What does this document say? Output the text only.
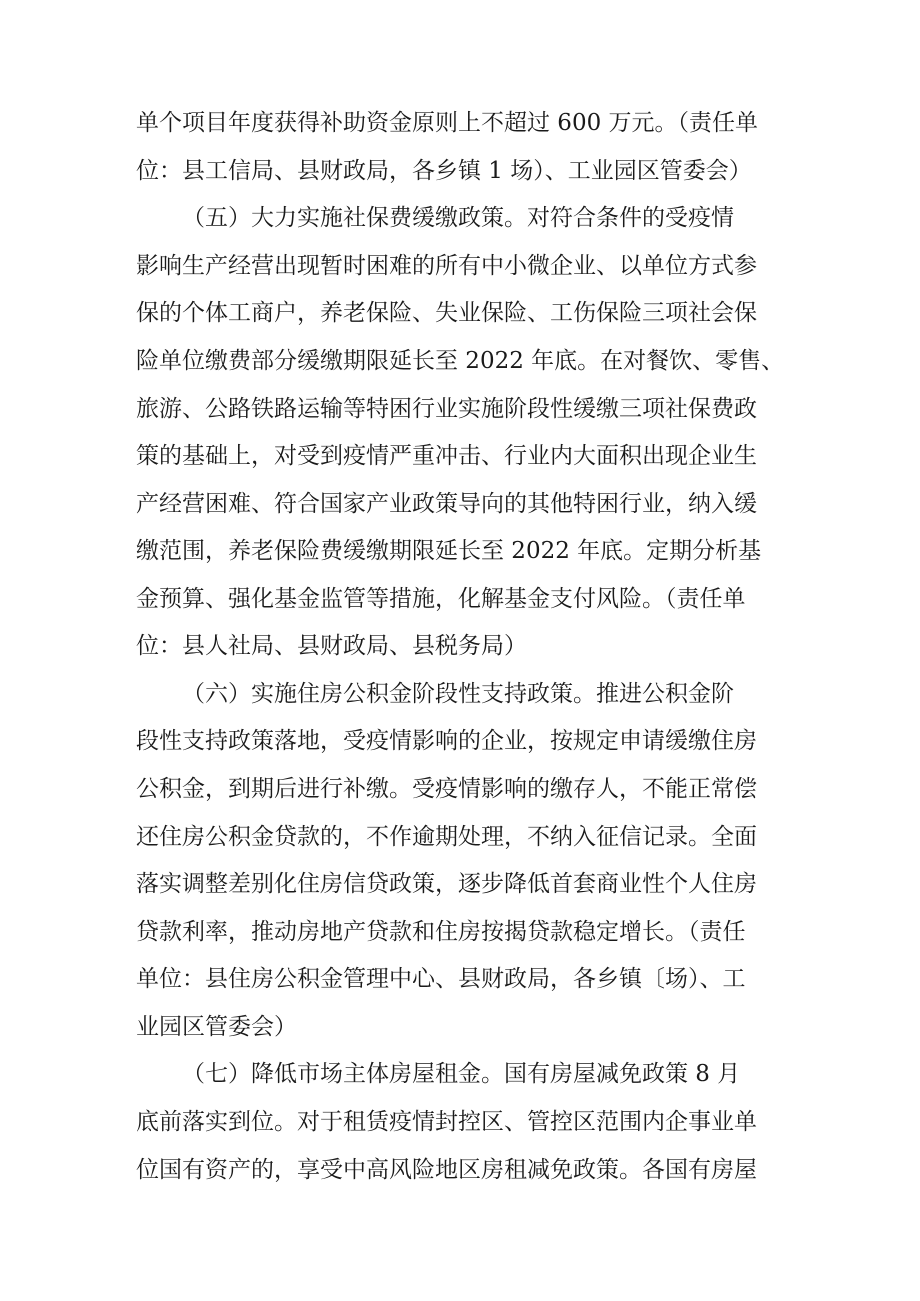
单个项目年度获得补助资金原则上不超过 600 万元。（责任单
位：县工信局、县财政局，各乡镇 1 场）、工业园区管委会）
（五）大力实施社保费缓缴政策。对符合条件的受疫情
影响生产经营出现暂时困难的所有中小微企业、以单位方式参
保的个体工商户，养老保险、失业保险、工伤保险三项社会保
险单位缴费部分缓缴期限延长至 2022 年底。在对餐饮、零售、
旅游、公路铁路运输等特困行业实施阶段性缓缴三项社保费政
策的基础上，对受到疫情严重冲击、行业内大面积出现企业生
产经营困难、符合国家产业政策导向的其他特困行业，纳入缓
缴范围，养老保险费缓缴期限延长至 2022 年底。定期分析基
金预算、强化基金监管等措施，化解基金支付风险。（责任单
位：县人社局、县财政局、县税务局）
（六）实施住房公积金阶段性支持政策。推进公积金阶
段性支持政策落地，受疫情影响的企业，按规定申请缓缴住房
公积金，到期后进行补缴。受疫情影响的缴存人，不能正常偿
还住房公积金贷款的，不作逾期处理，不纳入征信记录。全面
落实调整差别化住房信贷政策，逐步降低首套商业性个人住房
贷款利率，推动房地产贷款和住房按揭贷款稳定增长。（责任
单位：县住房公积金管理中心、县财政局，各乡镇〔场）、工
业园区管委会）
（七）降低市场主体房屋租金。国有房屋减免政策 8 月
底前落实到位。对于租赁疫情封控区、管控区范围内企事业单
位国有资产的，享受中高风险地区房租减免政策。各国有房屋
